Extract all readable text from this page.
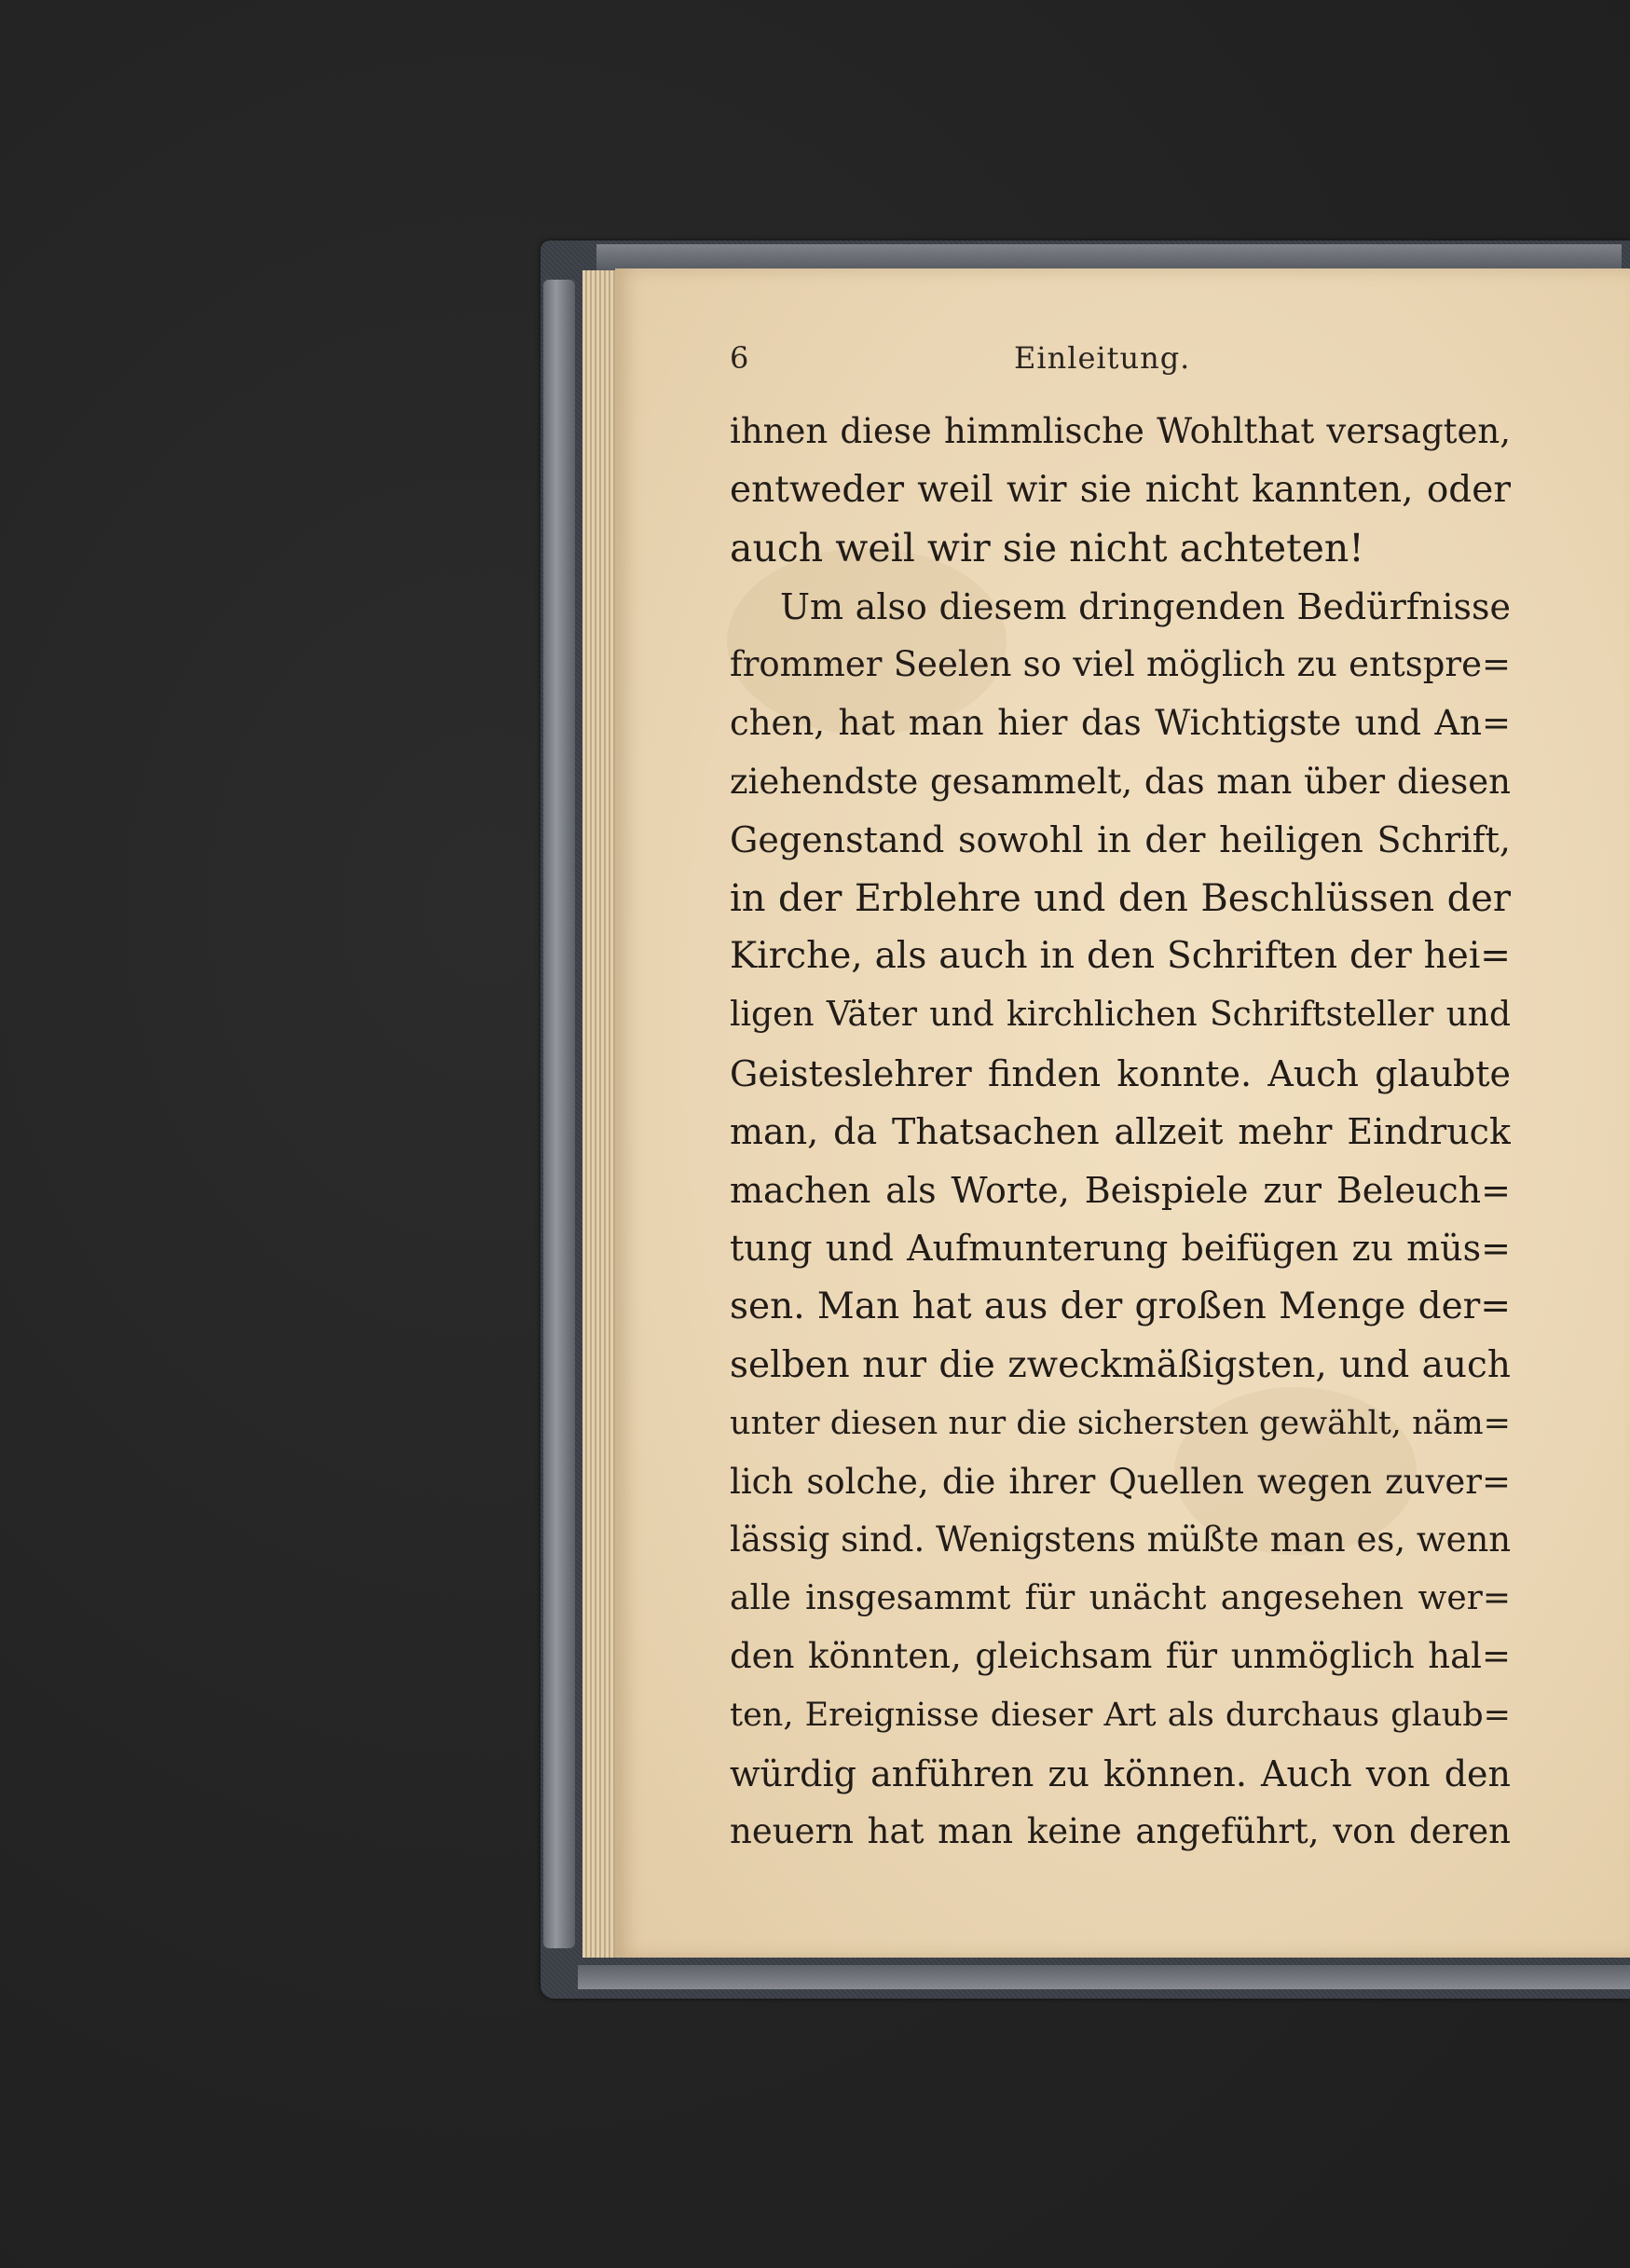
6	Einleitung.
ihnen diese himmlische Wohlthat versagten,
entweder weil wir sie nicht kannten, oder
auch weil wir sie nicht achteten!
Um also diesem dringenden Bedürfnisse
frommer Seelen so viel möglich zu entspre=
chen, hat man hier das Wichtigste und An=
ziehendste gesammelt, das man über diesen
Gegenstand sowohl in der heiligen Schrift,
in der Erblehre und den Beschlüssen der
Kirche, als auch in den Schriften der hei=
ligen Väter und kirchlichen Schriftsteller und
Geisteslehrer finden konnte. Auch glaubte
man, da Thatsachen allzeit mehr Eindruck
machen als Worte, Beispiele zur Beleuch=
tung und Aufmunterung beifügen zu müs=
sen. Man hat aus der großen Menge der=
selben nur die zweckmäßigsten, und auch
unter diesen nur die sichersten gewählt, näm=
lich solche, die ihrer Quellen wegen zuver=
lässig sind. Wenigstens müßte man es, wenn
alle insgesammt für unächt angesehen wer=
den könnten, gleichsam für unmöglich hal=
ten, Ereignisse dieser Art als durchaus glaub=
würdig anführen zu können. Auch von den
neuern hat man keine angeführt, von deren
